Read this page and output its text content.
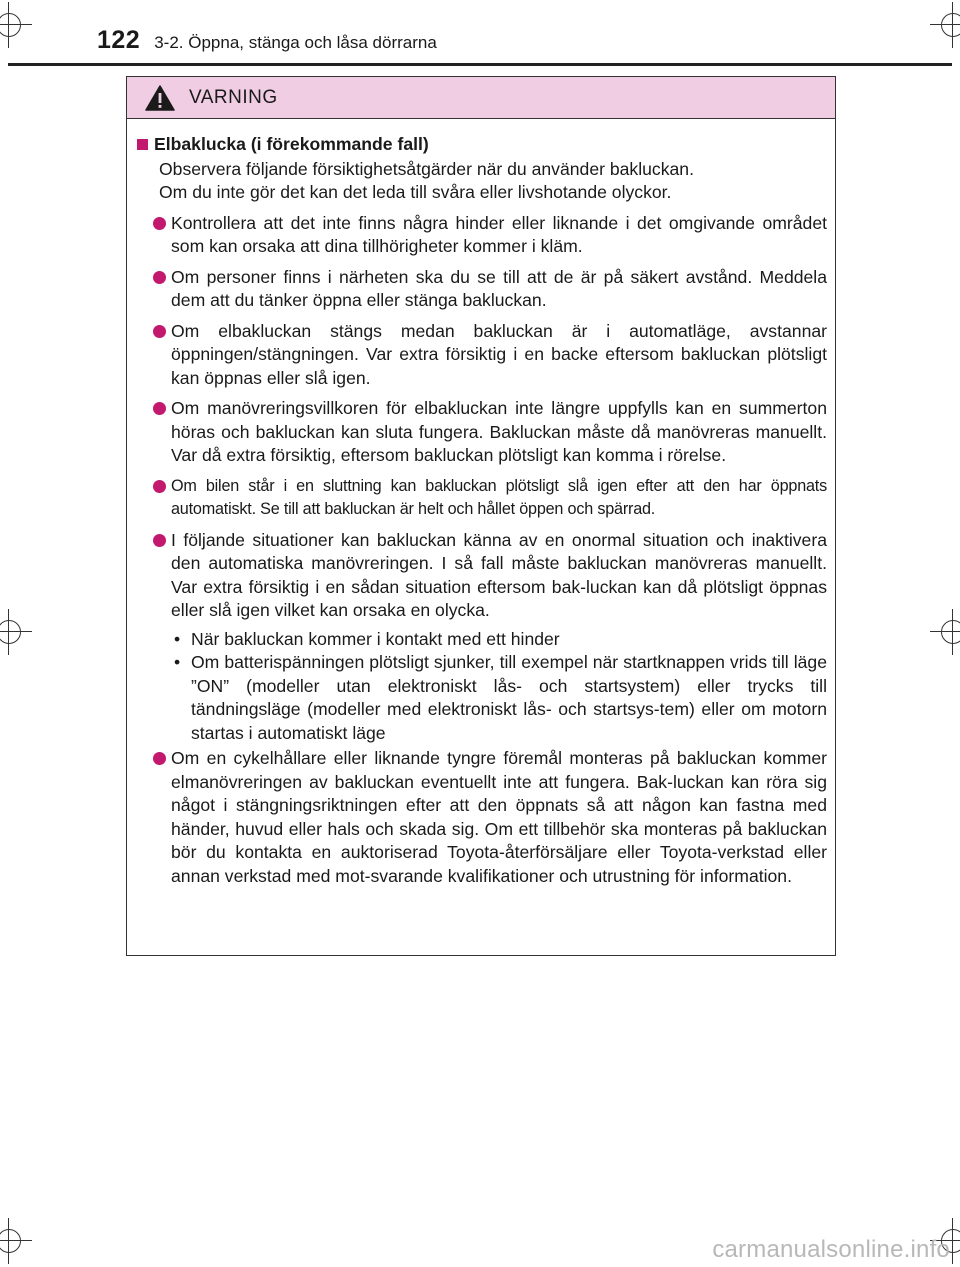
122 3-2. Öppna, stänga och låsa dörrarna
VARNING
Elbaklucka (i förekommande fall)
Observera följande försiktighetsåtgärder när du använder bakluckan.
Om du inte gör det kan det leda till svåra eller livshotande olyckor.
Kontrollera att det inte finns några hinder eller liknande i det omgivande området som kan orsaka att dina tillhörigheter kommer i kläm.
Om personer finns i närheten ska du se till att de är på säkert avstånd. Meddela dem att du tänker öppna eller stänga bakluckan.
Om elbakluckan stängs medan bakluckan är i automatläge, avstannar öppningen/stängningen. Var extra försiktig i en backe eftersom bakluckan plötsligt kan öppnas eller slå igen.
Om manövreringsvillkoren för elbakluckan inte längre uppfylls kan en summerton höras och bakluckan kan sluta fungera. Bakluckan måste då manövreras manuellt. Var då extra försiktig, eftersom bakluckan plötsligt kan komma i rörelse.
Om bilen står i en sluttning kan bakluckan plötsligt slå igen efter att den har öppnats automatiskt. Se till att bakluckan är helt och hållet öppen och spärrad.
I följande situationer kan bakluckan känna av en onormal situation och inaktivera den automatiska manövreringen. I så fall måste bakluckan manövreras manuellt. Var extra försiktig i en sådan situation eftersom bak-luckan kan då plötsligt öppnas eller slå igen vilket kan orsaka en olycka.
• När bakluckan kommer i kontakt med ett hinder
• Om batterispänningen plötsligt sjunker, till exempel när startknappen vrids till läge ”ON” (modeller utan elektroniskt lås- och startsystem) eller trycks till tändningsläge (modeller med elektroniskt lås- och startsys-tem) eller om motorn startas i automatiskt läge
Om en cykelhållare eller liknande tyngre föremål monteras på bakluckan kommer elmanövreringen av bakluckan eventuellt inte att fungera. Bak-luckan kan röra sig något i stängningsriktningen efter att den öppnats så att någon kan fastna med händer, huvud eller hals och skada sig. Om ett tillbehör ska monteras på bakluckan bör du kontakta en auktoriserad Toyota-återförsäljare eller Toyota-verkstad eller annan verkstad med mot-svarande kvalifikationer och utrustning för information.
carmanualsonline.info
